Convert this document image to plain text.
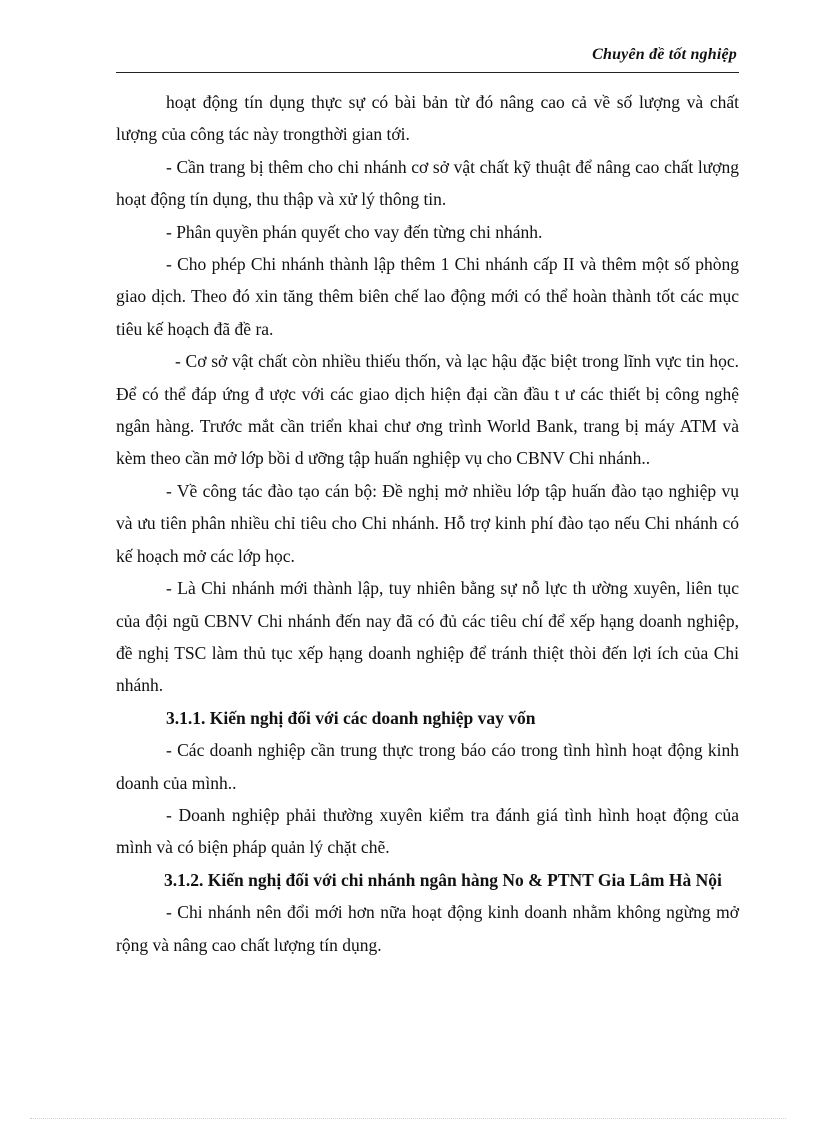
Chuyên đề tốt nghiệp

hoạt động tín dụng thực sự có bài bản từ đó nâng cao cả về số lượng và chất lượng của công tác này trongthời gian tới.

- Cần trang bị thêm cho chi nhánh cơ sở vật chất kỹ thuật để nâng cao chất lượng hoạt động tín dụng, thu thập và xử lý thông tin.

- Phân quyền phán quyết cho vay đến từng chi nhánh.

- Cho phép Chi nhánh thành lập thêm 1 Chi nhánh cấp II và thêm một số phòng giao dịch. Theo đó xin tăng thêm biên chế lao động mới có thể hoàn thành tốt các mục tiêu kế hoạch đã đề ra.

- Cơ sở vật chất còn nhiều thiếu thốn, và lạc hậu đặc biệt trong lĩnh vực tin học. Để có thể đáp ứng đ ược với các giao dịch hiện đại cần đầu t ư các thiết bị công nghệ ngân hàng. Trước mắt cần triển khai chư ơng trình World Bank, trang bị máy ATM và kèm theo cần mở lớp bồi d ưỡng tập huấn nghiệp vụ cho CBNV Chi nhánh..

- Về công tác đào tạo cán bộ: Đề nghị mở nhiều lớp tập huấn đào tạo nghiệp vụ và ưu tiên phân nhiều chỉ tiêu cho Chi nhánh. Hỗ trợ kinh phí đào tạo nếu Chi nhánh có kế hoạch mở các lớp học.

- Là Chi nhánh mới thành lập, tuy nhiên bằng sự nỗ lực th ường xuyên, liên tục của đội ngũ CBNV Chi nhánh đến nay đã có đủ các tiêu chí để xếp hạng doanh nghiệp, đề nghị TSC làm thủ tục xếp hạng doanh nghiệp để tránh thiệt thòi đến lợi ích của Chi nhánh.

3.1.1. Kiến nghị đối với các doanh nghiệp vay vốn

- Các doanh nghiệp cần trung thực trong báo cáo trong tình hình hoạt động kinh doanh của mình..

- Doanh nghiệp phải thường xuyên kiểm tra đánh giá tình hình hoạt động của mình và có biện pháp quản lý chặt chẽ.

3.1.2. Kiến nghị đối với chi nhánh ngân hàng No & PTNT Gia Lâm Hà Nội

- Chi nhánh nên đổi mới hơn nữa hoạt động kinh doanh nhằm không ngừng mở rộng và nâng cao chất lượng tín dụng.
